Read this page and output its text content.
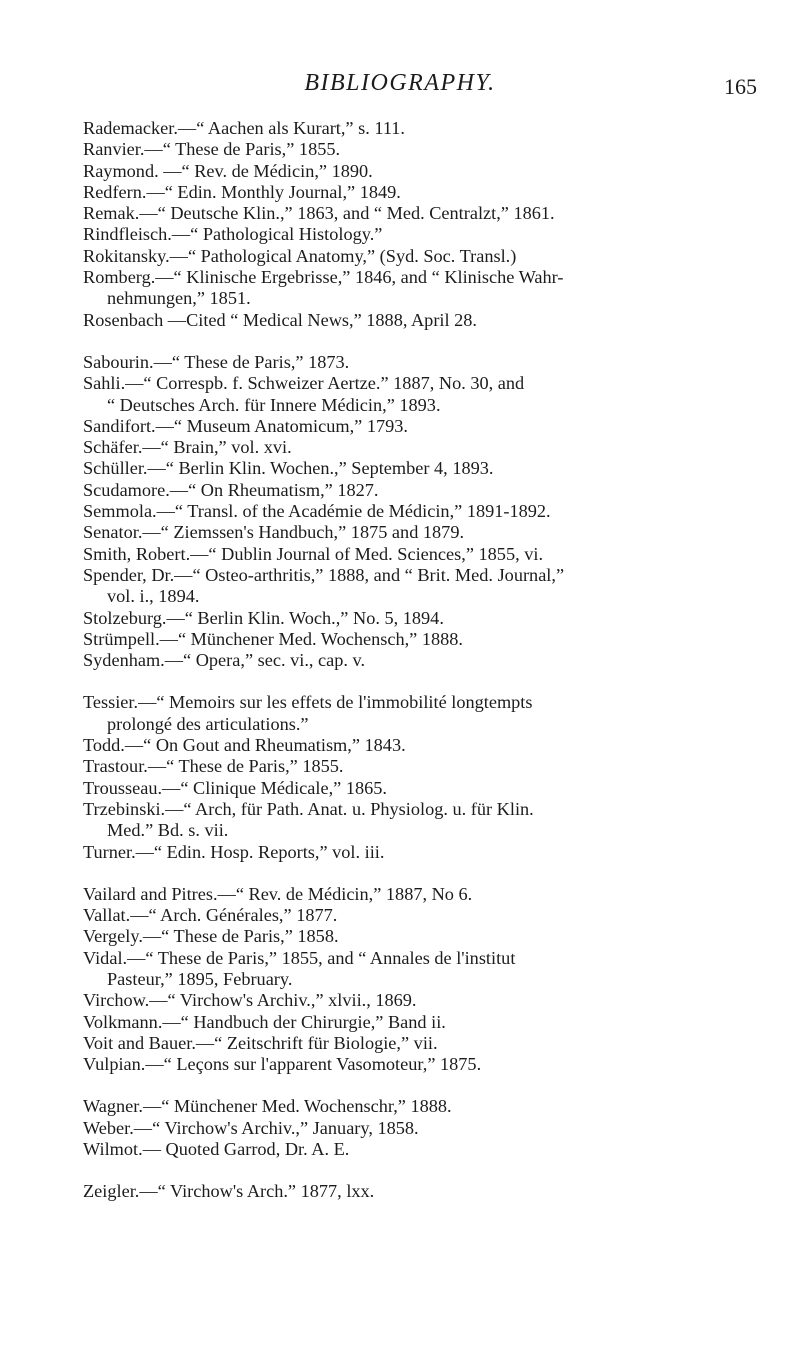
BIBLIOGRAPHY.	165
Rademacker.—“ Aachen als Kurart,” s. 111.
Ranvier.—“ These de Paris,” 1855.
Raymond. —“ Rev. de Médicin,” 1890.
Redfern.—“ Edin. Monthly Journal,” 1849.
Remak.—“ Deutsche Klin.,” 1863, and “ Med. Centralzt,” 1861.
Rindfleisch.—“ Pathological Histology.”
Rokitansky.—“ Pathological Anatomy,” (Syd. Soc. Transl.)
Romberg.—“ Klinische Ergebrisse,” 1846, and “ Klinische Wahr-
nehmungen,” 1851.
Rosenbach —Cited “ Medical News,” 1888, April 28.
Sabourin.—“ These de Paris,” 1873.
Sahli.—“ Correspb. f. Schweizer Aertze.” 1887, No. 30, and
“ Deutsches Arch. für Innere Médicin,” 1893.
Sandifort.—“ Museum Anatomicum,” 1793.
Schäfer.—“ Brain,” vol. xvi.
Schüller.—“ Berlin Klin. Wochen.,” September 4, 1893.
Scudamore.—“ On Rheumatism,” 1827.
Semmola.—“ Transl. of the Académie de Médicin,” 1891-1892.
Senator.—“ Ziemssen's Handbuch,” 1875 and 1879.
Smith, Robert.—“ Dublin Journal of Med. Sciences,” 1855, vi.
Spender, Dr.—“ Osteo-arthritis,” 1888, and “ Brit. Med. Journal,”
vol. i., 1894.
Stolzeburg.—“ Berlin Klin. Woch.,” No. 5, 1894.
Strümpell.—“ Münchener Med. Wochensch,” 1888.
Sydenham.—“ Opera,” sec. vi., cap. v.
Tessier.—“ Memoirs sur les effets de l'immobilité longtempts
prolongé des articulations.”
Todd.—“ On Gout and Rheumatism,” 1843.
Trastour.—“ These de Paris,” 1855.
Trousseau.—“ Clinique Médicale,” 1865.
Trzebinski.—“ Arch, für Path. Anat. u. Physiolog. u. für Klin.
Med.” Bd. s. vii.
Turner.—“ Edin. Hosp. Reports,” vol. iii.
Vailard and Pitres.—“ Rev. de Médicin,” 1887, No 6.
Vallat.—“ Arch. Générales,” 1877.
Vergely.—“ These de Paris,” 1858.
Vidal.—“ These de Paris,” 1855, and “ Annales de l'institut
Pasteur,” 1895, February.
Virchow.—“ Virchow's Archiv.,” xlvii., 1869.
Volkmann.—“ Handbuch der Chirurgie,” Band ii.
Voit and Bauer.—“ Zeitschrift für Biologie,” vii.
Vulpian.—“ Leçons sur l'apparent Vasomoteur,” 1875.
Wagner.—“ Münchener Med. Wochenschr,” 1888.
Weber.—“ Virchow's Archiv.,” January, 1858.
Wilmot.— Quoted Garrod, Dr. A. E.
Zeigler.—“ Virchow's Arch.” 1877, lxx.
